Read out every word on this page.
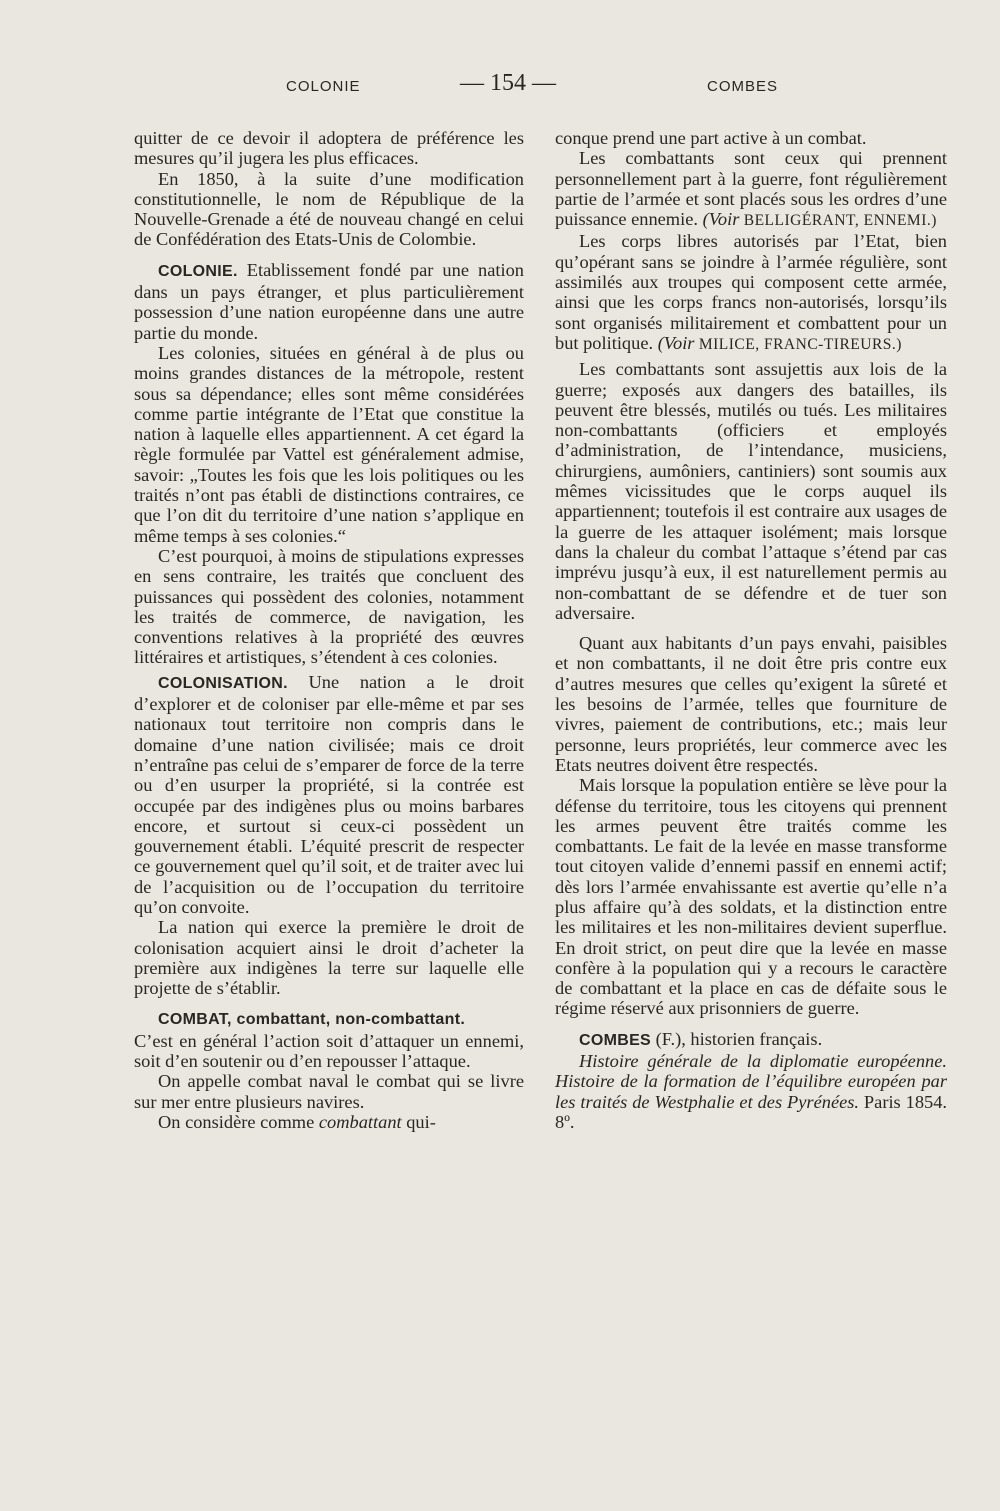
COLONIE	— 154 —	COMBES

quitter de ce devoir il adoptera de préférence les mesures qu’il jugera les plus efficaces.

En 1850, à la suite d’une modification constitutionnelle, le nom de République de la Nouvelle-Grenade a été de nouveau changé en celui de Confédération des Etats-Unis de Colombie.

COLONIE. Etablissement fondé par une nation dans un pays étranger, et plus particulièrement possession d’une nation européenne dans une autre partie du monde.

Les colonies, situées en général à de plus ou moins grandes distances de la métropole, restent sous sa dépendance; elles sont même considérées comme partie intégrante de l’Etat que constitue la nation à laquelle elles appartiennent. A cet égard la règle formulée par Vattel est généralement admise, savoir: „Toutes les fois que les lois politiques ou les traités n’ont pas établi de distinctions contraires, ce que l’on dit du territoire d’une nation s’applique en même temps à ses colonies.“

C’est pourquoi, à moins de stipulations expresses en sens contraire, les traités que concluent des puissances qui possèdent des colonies, notamment les traités de commerce, de navigation, les conventions relatives à la propriété des œuvres littéraires et artistiques, s’étendent à ces colonies.

COLONISATION. Une nation a le droit d’explorer et de coloniser par elle-même et par ses nationaux tout territoire non compris dans le domaine d’une nation civilisée; mais ce droit n’entraîne pas celui de s’emparer de force de la terre ou d’en usurper la propriété, si la contrée est occupée par des indigènes plus ou moins barbares encore, et surtout si ceux-ci possèdent un gouvernement établi. L’équité prescrit de respecter ce gouvernement quel qu’il soit, et de traiter avec lui de l’acquisition ou de l’occupation du territoire qu’on convoite.

La nation qui exerce la première le droit de colonisation acquiert ainsi le droit d’acheter la première aux indigènes la terre sur laquelle elle projette de s’établir.

COMBAT, combattant, non-combattant.

C’est en général l’action soit d’attaquer un ennemi, soit d’en soutenir ou d’en repousser l’attaque.

On appelle combat naval le combat qui se livre sur mer entre plusieurs navires.

On considère comme combattant qui-

conque prend une part active à un combat.

Les combattants sont ceux qui prennent personnellement part à la guerre, font régulièrement partie de l’armée et sont placés sous les ordres d’une puissance ennemie. (Voir BELLIGÉRANT, ENNEMI.)

Les corps libres autorisés par l’Etat, bien qu’opérant sans se joindre à l’armée régulière, sont assimilés aux troupes qui composent cette armée, ainsi que les corps francs non-autorisés, lorsqu’ils sont organisés militairement et combattent pour un but politique. (Voir MILICE, FRANC-TIREURS.)

Les combattants sont assujettis aux lois de la guerre; exposés aux dangers des batailles, ils peuvent être blessés, mutilés ou tués. Les militaires non-combattants (officiers et employés d’administration, de l’intendance, musiciens, chirurgiens, aumôniers, cantiniers) sont soumis aux mêmes vicissitudes que le corps auquel ils appartiennent; toutefois il est contraire aux usages de la guerre de les attaquer isolément; mais lorsque dans la chaleur du combat l’attaque s’étend par cas imprévu jusqu’à eux, il est naturellement permis au non-combattant de se défendre et de tuer son adversaire.

Quant aux habitants d’un pays envahi, paisibles et non combattants, il ne doit être pris contre eux d’autres mesures que celles qu’exigent la sûreté et les besoins de l’armée, telles que fourniture de vivres, paiement de contributions, etc.; mais leur personne, leurs propriétés, leur commerce avec les Etats neutres doivent être respectés.

Mais lorsque la population entière se lève pour la défense du territoire, tous les citoyens qui prennent les armes peuvent être traités comme les combattants. Le fait de la levée en masse transforme tout citoyen valide d’ennemi passif en ennemi actif; dès lors l’armée envahissante est avertie qu’elle n’a plus affaire qu’à des soldats, et la distinction entre les militaires et les non-militaires devient superflue. En droit strict, on peut dire que la levée en masse confère à la population qui y a recours le caractère de combattant et la place en cas de défaite sous le régime réservé aux prisonniers de guerre.

COMBES (F.), historien français.

Histoire générale de la diplomatie européenne. Histoire de la formation de l’équilibre européen par les traités de Westphalie et des Pyrénées. Paris 1854. 8º.
